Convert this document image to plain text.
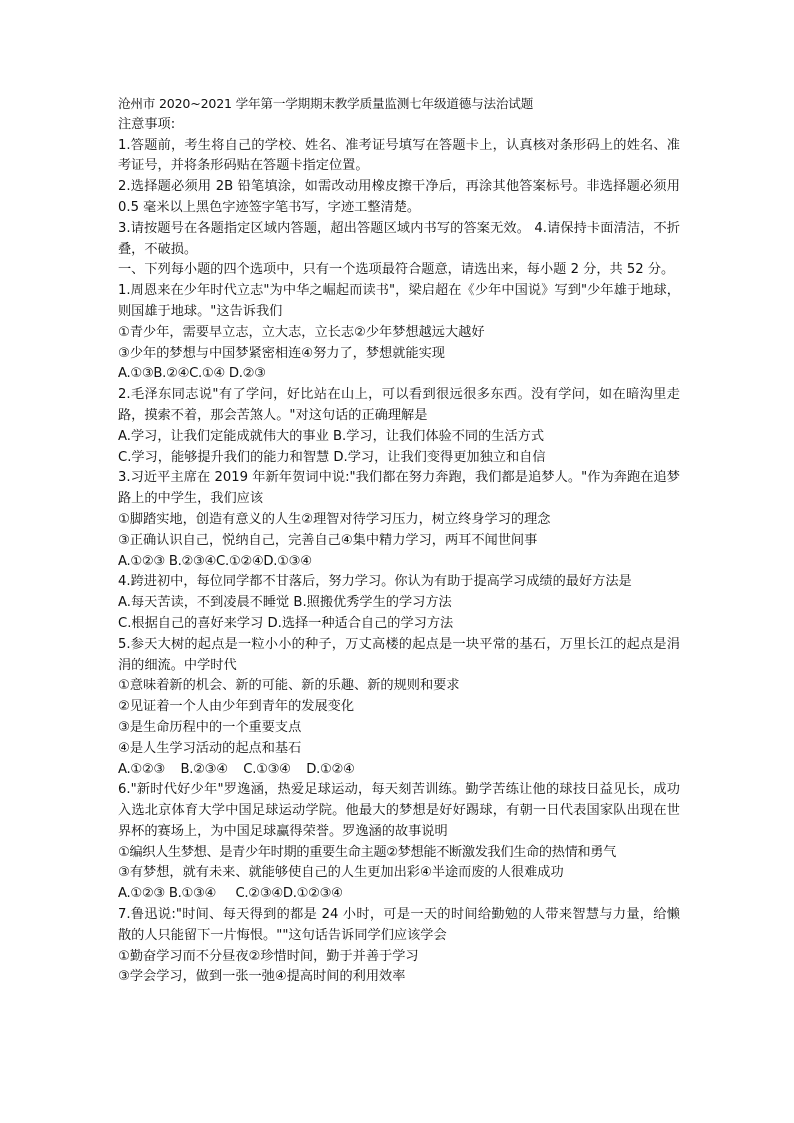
沧州市 2020~2021 学年第一学期期末教学质量监测七年级道德与法治试题
注意事项:
1.答题前，考生将自己的学校、姓名、准考证号填写在答题卡上，认真核对条形码上的姓名、准考证号，并将条形码贴在答题卡指定位置。
2.选择题必须用 2B 铅笔填涂，如需改动用橡皮擦干净后，再涂其他答案标号。非选择题必须用 0.5 毫米以上黑色字迹签字笔书写，字迹工整清楚。
3.请按题号在各题指定区域内答题，超出答题区域内书写的答案无效。 4.请保持卡面清洁，不折叠，不破损。
一、下列每小题的四个选项中，只有一个选项最符合题意，请选出来，每小题 2 分，共 52 分。
1.周恩来在少年时代立志"为中华之崛起而读书"，梁启超在《少年中国说》写到"少年雄于地球，则国雄于地球。"这告诉我们
①青少年，需要早立志，立大志，立长志②少年梦想越远大越好
③少年的梦想与中国梦紧密相连④努力了，梦想就能实现
A.①③B.②④C.①④ D.②③
2.毛泽东同志说"有了学问，好比站在山上，可以看到很远很多东西。没有学问，如在暗沟里走路，摸索不着，那会苦煞人。"对这句话的正确理解是
A.学习，让我们定能成就伟大的事业 B.学习，让我们体验不同的生活方式
C.学习，能够提升我们的能力和智慧 D.学习，让我们变得更加独立和自信
3.习近平主席在 2019 年新年贺词中说:"我们都在努力奔跑，我们都是追梦人。"作为奔跑在追梦路上的中学生，我们应该
①脚踏实地，创造有意义的人生②理智对待学习压力，树立终身学习的理念
③正确认识自己，悦纳自己，完善自己④集中精力学习，两耳不闻世间事
A.①②③ B.②③④C.①②④D.①③④
4.跨进初中，每位同学都不甘落后，努力学习。你认为有助于提高学习成绩的最好方法是
A.每天苦读，不到凌晨不睡觉 B.照搬优秀学生的学习方法
C.根据自己的喜好来学习 D.选择一种适合自己的学习方法
5.参天大树的起点是一粒小小的种子，万丈高楼的起点是一块平常的基石，万里长江的起点是涓涓的细流。中学时代
①意味着新的机会、新的可能、新的乐趣、新的规则和要求
②见证着一个人由少年到青年的发展变化
③是生命历程中的一个重要支点
④是人生学习活动的起点和基石
A.①②③    B.②③④    C.①③④    D.①②④
6."新时代好少年"罗逸涵，热爱足球运动，每天刻苦训练。勤学苦练让他的球技日益见长，成功入选北京体育大学中国足球运动学院。他最大的梦想是好好踢球，有朝一日代表国家队出现在世界杯的赛场上，为中国足球赢得荣誉。罗逸涵的故事说明
①编织人生梦想、是青少年时期的重要生命主题②梦想能不断激发我们生命的热情和勇气
③有梦想，就有未来、就能够使自己的人生更加出彩④半途而废的人很难成功
A.①②③ B.①③④     C.②③④D.①②③④
7.鲁迅说:"时间、每天得到的都是 24 小时，可是一天的时间给勤勉的人带来智慧与力量，给懒散的人只能留下一片悔恨。""这句话告诉同学们应该学会
①勤奋学习而不分昼夜②珍惜时间，勤于并善于学习
③学会学习，做到一张一弛④提高时间的利用效率
